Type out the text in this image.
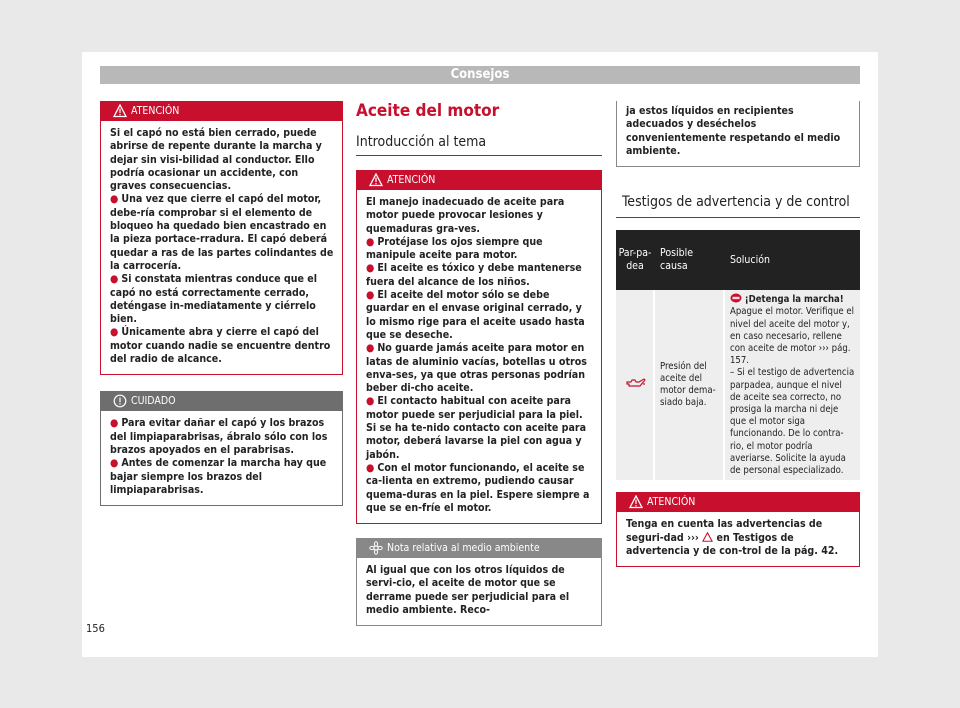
Consejos
ATENCIÓN

Si el capó no está bien cerrado, puede abrirse de repente durante la marcha y dejar sin visi-bilidad al conductor. Ello podría ocasionar un accidente, con graves consecuencias.

● Una vez que cierre el capó del motor, debe-ría comprobar si el elemento de bloqueo ha quedado bien encastrado en la pieza portace-rradura. El capó deberá quedar a ras de las partes colindantes de la carrocería.
● Si constata mientras conduce que el capó no está correctamente cerrado, deténgase in-mediatamente y ciérrelo bien.
● Únicamente abra y cierre el capó del motor cuando nadie se encuentre dentro del radio de alcance.
CUIDADO
● Para evitar dañar el capó y los brazos del limpiaparabrisas, ábralo sólo con los brazos apoyados en el parabrisas.
● Antes de comenzar la marcha hay que bajar siempre los brazos del limpiaparabrisas.
Aceite del motor
Introducción al tema
ATENCIÓN

El manejo inadecuado de aceite para motor puede provocar lesiones y quemaduras gra-ves.

● Protéjase los ojos siempre que manipule aceite para motor.
● El aceite es tóxico y debe mantenerse fuera del alcance de los niños.
● El aceite del motor sólo se debe guardar en el envase original cerrado, y lo mismo rige para el aceite usado hasta que se deseche.
● No guarde jamás aceite para motor en latas de aluminio vacías, botellas u otros enva-ses, ya que otras personas podrían beber di-cho aceite.
● El contacto habitual con aceite para motor puede ser perjudicial para la piel. Si se ha te-nido contacto con aceite para motor, deberá lavarse la piel con agua y jabón.
● Con el motor funcionando, el aceite se ca-lienta en extremo, pudiendo causar quema-duras en la piel. Espere siempre a que se en-fríe el motor.
Nota relativa al medio ambiente

Al igual que con los otros líquidos de servi-cio, el aceite de motor que se derrame puede ser perjudicial para el medio ambiente. Reco-

ja estos líquidos en recipientes adecuados y deséchelos convenientemente respetando el medio ambiente.

Testigos de advertencia y de control
Par-pa-dea	Posible causa	Solución
	Presión del aceite del motor dema-siado baja.	¡Detenga la marcha!
Apague el motor. Verifique el nivel del aceite del motor y, en caso necesario, rellene con aceite de motor ››› pág. 157.
– Si el testigo de advertencia parpadea, aunque el nivel de aceite sea correcto, no prosiga la marcha ni deje que el motor siga funcionando. De lo contra-rio, el motor podría averiarse. Solicite la ayuda de personal especializado.
ATENCIÓN

Tenga en cuenta las advertencias de seguri-dad ›››  en Testigos de advertencia y de con-trol de la pág. 42.

156
